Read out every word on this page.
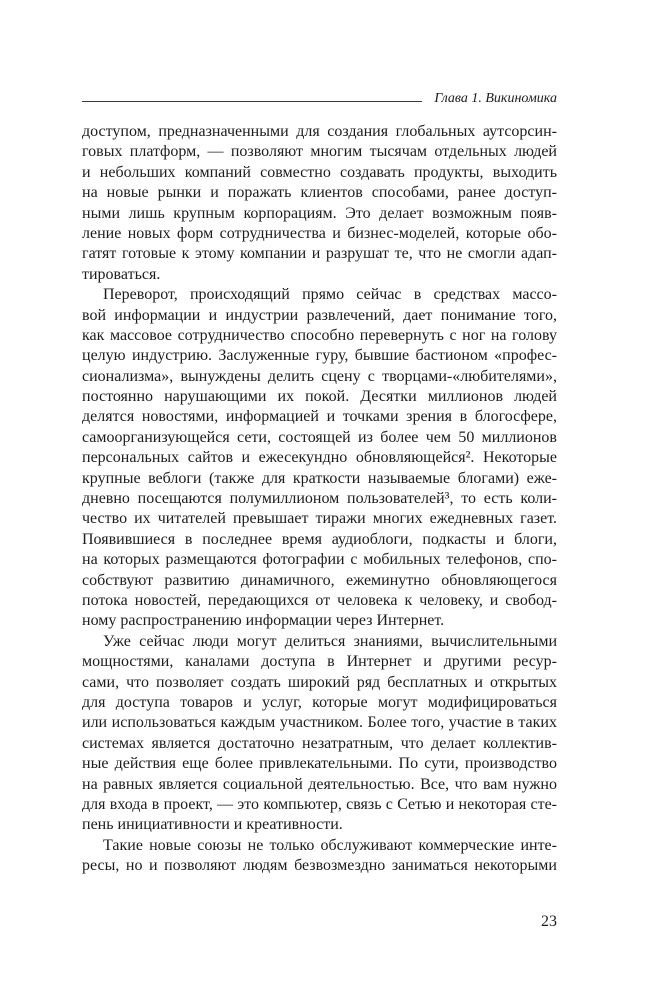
Глава 1. Викиномика
доступом, предназначенными для создания глобальных аутсорсин-
говых платформ, — позволяют многим тысячам отдельных людей
и небольших компаний совместно создавать продукты, выходить
на новые рынки и поражать клиентов способами, ранее доступ-
ными лишь крупным корпорациям. Это делает возможным появ-
ление новых форм сотрудничества и бизнес-моделей, которые обо-
гатят готовые к этому компании и разрушат те, что не смогли адап-
тироваться.
Переворот, происходящий прямо сейчас в средствах массо-
вой информации и индустрии развлечений, дает понимание того,
как массовое сотрудничество способно перевернуть с ног на голову
целую индустрию. Заслуженные гуру, бывшие бастионом «профес-
сионализма», вынуждены делить сцену с творцами-«любителями»,
постоянно нарушающими их покой. Десятки миллионов людей
делятся новостями, информацией и точками зрения в блогосфере,
самоорганизующейся сети, состоящей из более чем 50 миллионов
персональных сайтов и ежесекундно обновляющейся². Некоторые
крупные веблоги (также для краткости называемые блогами) еже-
дневно посещаются полумиллионом пользователей³, то есть коли-
чество их читателей превышает тиражи многих ежедневных газет.
Появившиеся в последнее время аудиоблоги, подкасты и блоги,
на которых размещаются фотографии с мобильных телефонов, спо-
собствуют развитию динамичного, ежеминутно обновляющегося
потока новостей, передающихся от человека к человеку, и свобод-
ному распространению информации через Интернет.
Уже сейчас люди могут делиться знаниями, вычислительными
мощностями, каналами доступа в Интернет и другими ресур-
сами, что позволяет создать широкий ряд бесплатных и открытых
для доступа товаров и услуг, которые могут модифицироваться
или использоваться каждым участником. Более того, участие в таких
системах является достаточно незатратным, что делает коллектив-
ные действия еще более привлекательными. По сути, производство
на равных является социальной деятельностью. Все, что вам нужно
для входа в проект, — это компьютер, связь с Сетью и некоторая сте-
пень инициативности и креативности.
Такие новые союзы не только обслуживают коммерческие инте-
ресы, но и позволяют людям безвозмездно заниматься некоторыми
23
